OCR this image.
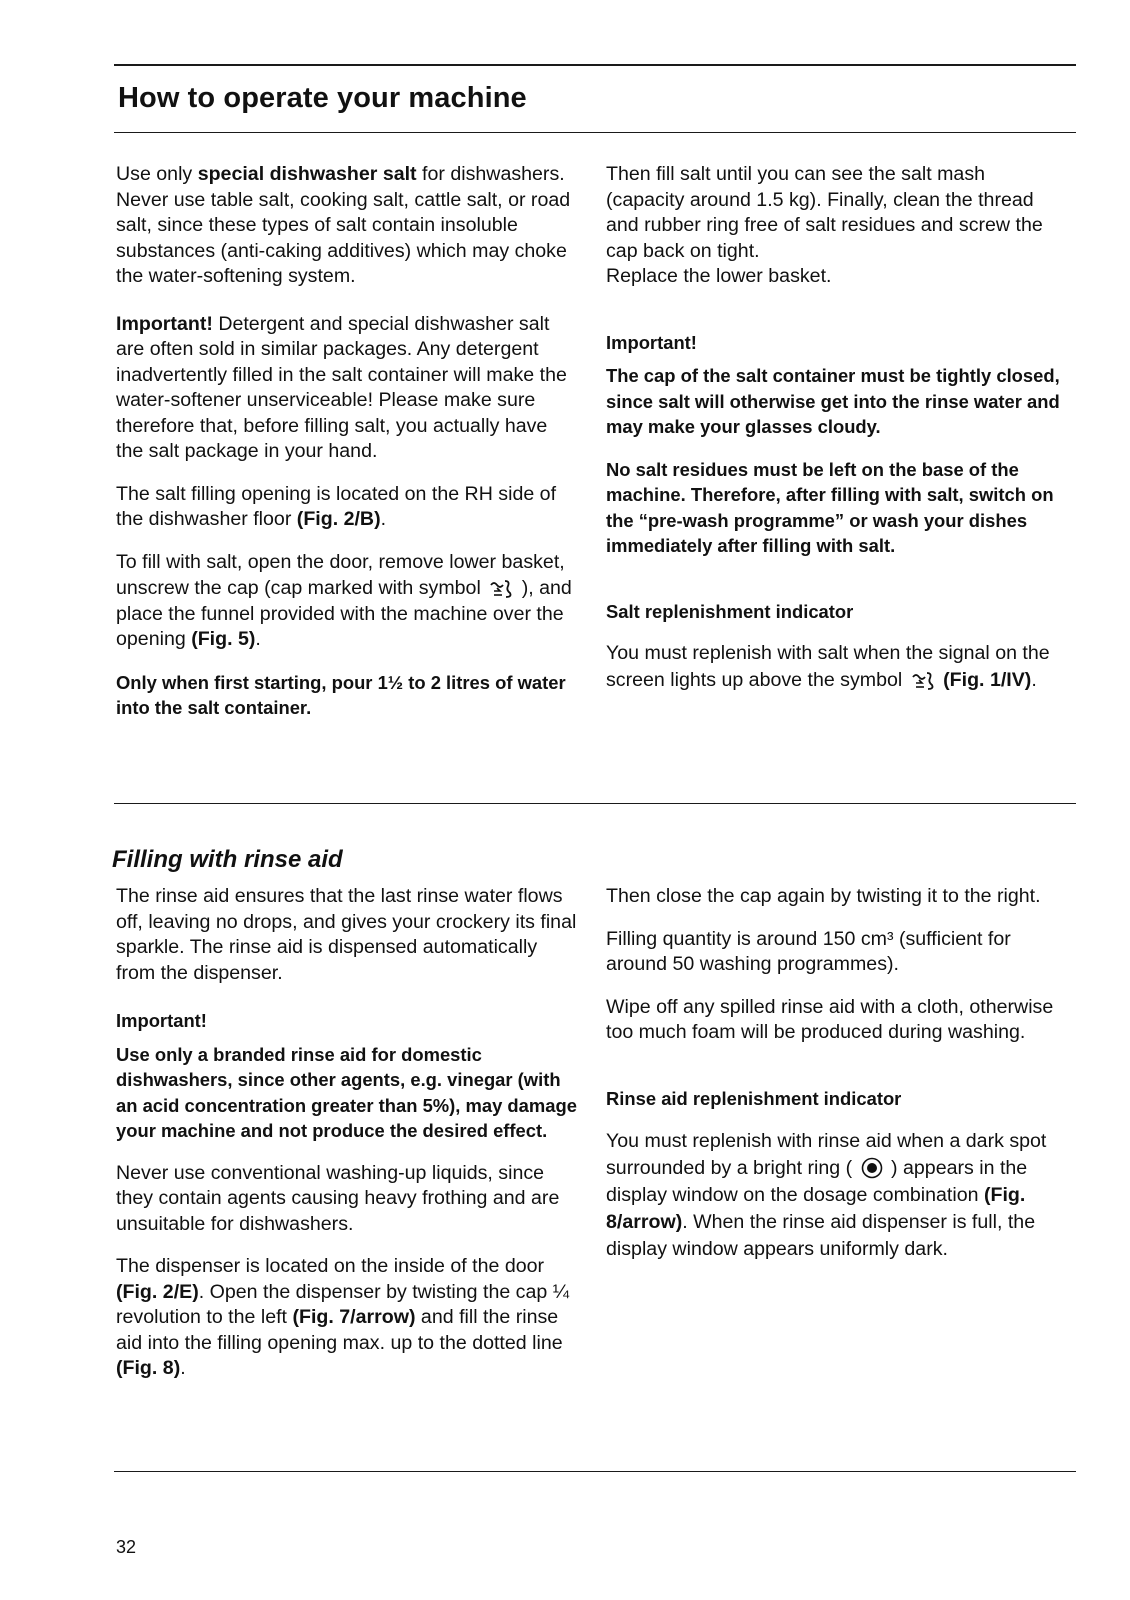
How to operate your machine

Use only special dishwasher salt for dishwashers. Never use table salt, cooking salt, cattle salt, or road salt, since these types of salt contain insoluble substances (anti-caking additives) which may choke the water-softening system.

Important! Detergent and special dishwasher salt are often sold in similar packages. Any detergent inadvertently filled in the salt container will make the water-softener unserviceable! Please make sure therefore that, before filling salt, you actually have the salt package in your hand.

The salt filling opening is located on the RH side of the dishwasher floor (Fig. 2/B).

To fill with salt, open the door, remove lower basket, unscrew the cap (cap marked with symbol  ), and place the funnel provided with the machine over the opening (Fig. 5).

Only when first starting, pour 1½ to 2 litres of water into the salt container.

Then fill salt until you can see the salt mash (capacity around 1.5 kg). Finally, clean the thread and rubber ring free of salt residues and screw the cap back on tight.

Replace the lower basket.

Important!

The cap of the salt container must be tightly closed, since salt will otherwise get into the rinse water and may make your glasses cloudy.

No salt residues must be left on the base of the machine. Therefore, after filling with salt, switch on the “pre-wash programme” or wash your dishes immediately after filling with salt.

Salt replenishment indicator

You must replenish with salt when the signal on the screen lights up above the symbol  (Fig. 1/IV).

Filling with rinse aid

The rinse aid ensures that the last rinse water flows off, leaving no drops, and gives your crockery its final sparkle. The rinse aid is dispensed automatically from the dispenser.

Important!

Use only a branded rinse aid for domestic dishwashers, since other agents, e.g. vinegar (with an acid concentration greater than 5%), may damage your machine and not produce the desired effect.

Never use conventional washing-up liquids, since they contain agents causing heavy frothing and are unsuitable for dishwashers.

The dispenser is located on the inside of the door (Fig. 2/E). Open the dispenser by twisting the cap ¼ revolution to the left (Fig. 7/arrow) and fill the rinse aid into the filling opening max. up to the dotted line (Fig. 8).

Then close the cap again by twisting it to the right.

Filling quantity is around 150 cm³ (sufficient for around 50 washing programmes).

Wipe off any spilled rinse aid with a cloth, otherwise too much foam will be produced during washing.

Rinse aid replenishment indicator

You must replenish with rinse aid when a dark spot surrounded by a bright ring (  ) appears in the display window on the dosage combination (Fig. 8/arrow). When the rinse aid dispenser is full, the display window appears uniformly dark.

32
